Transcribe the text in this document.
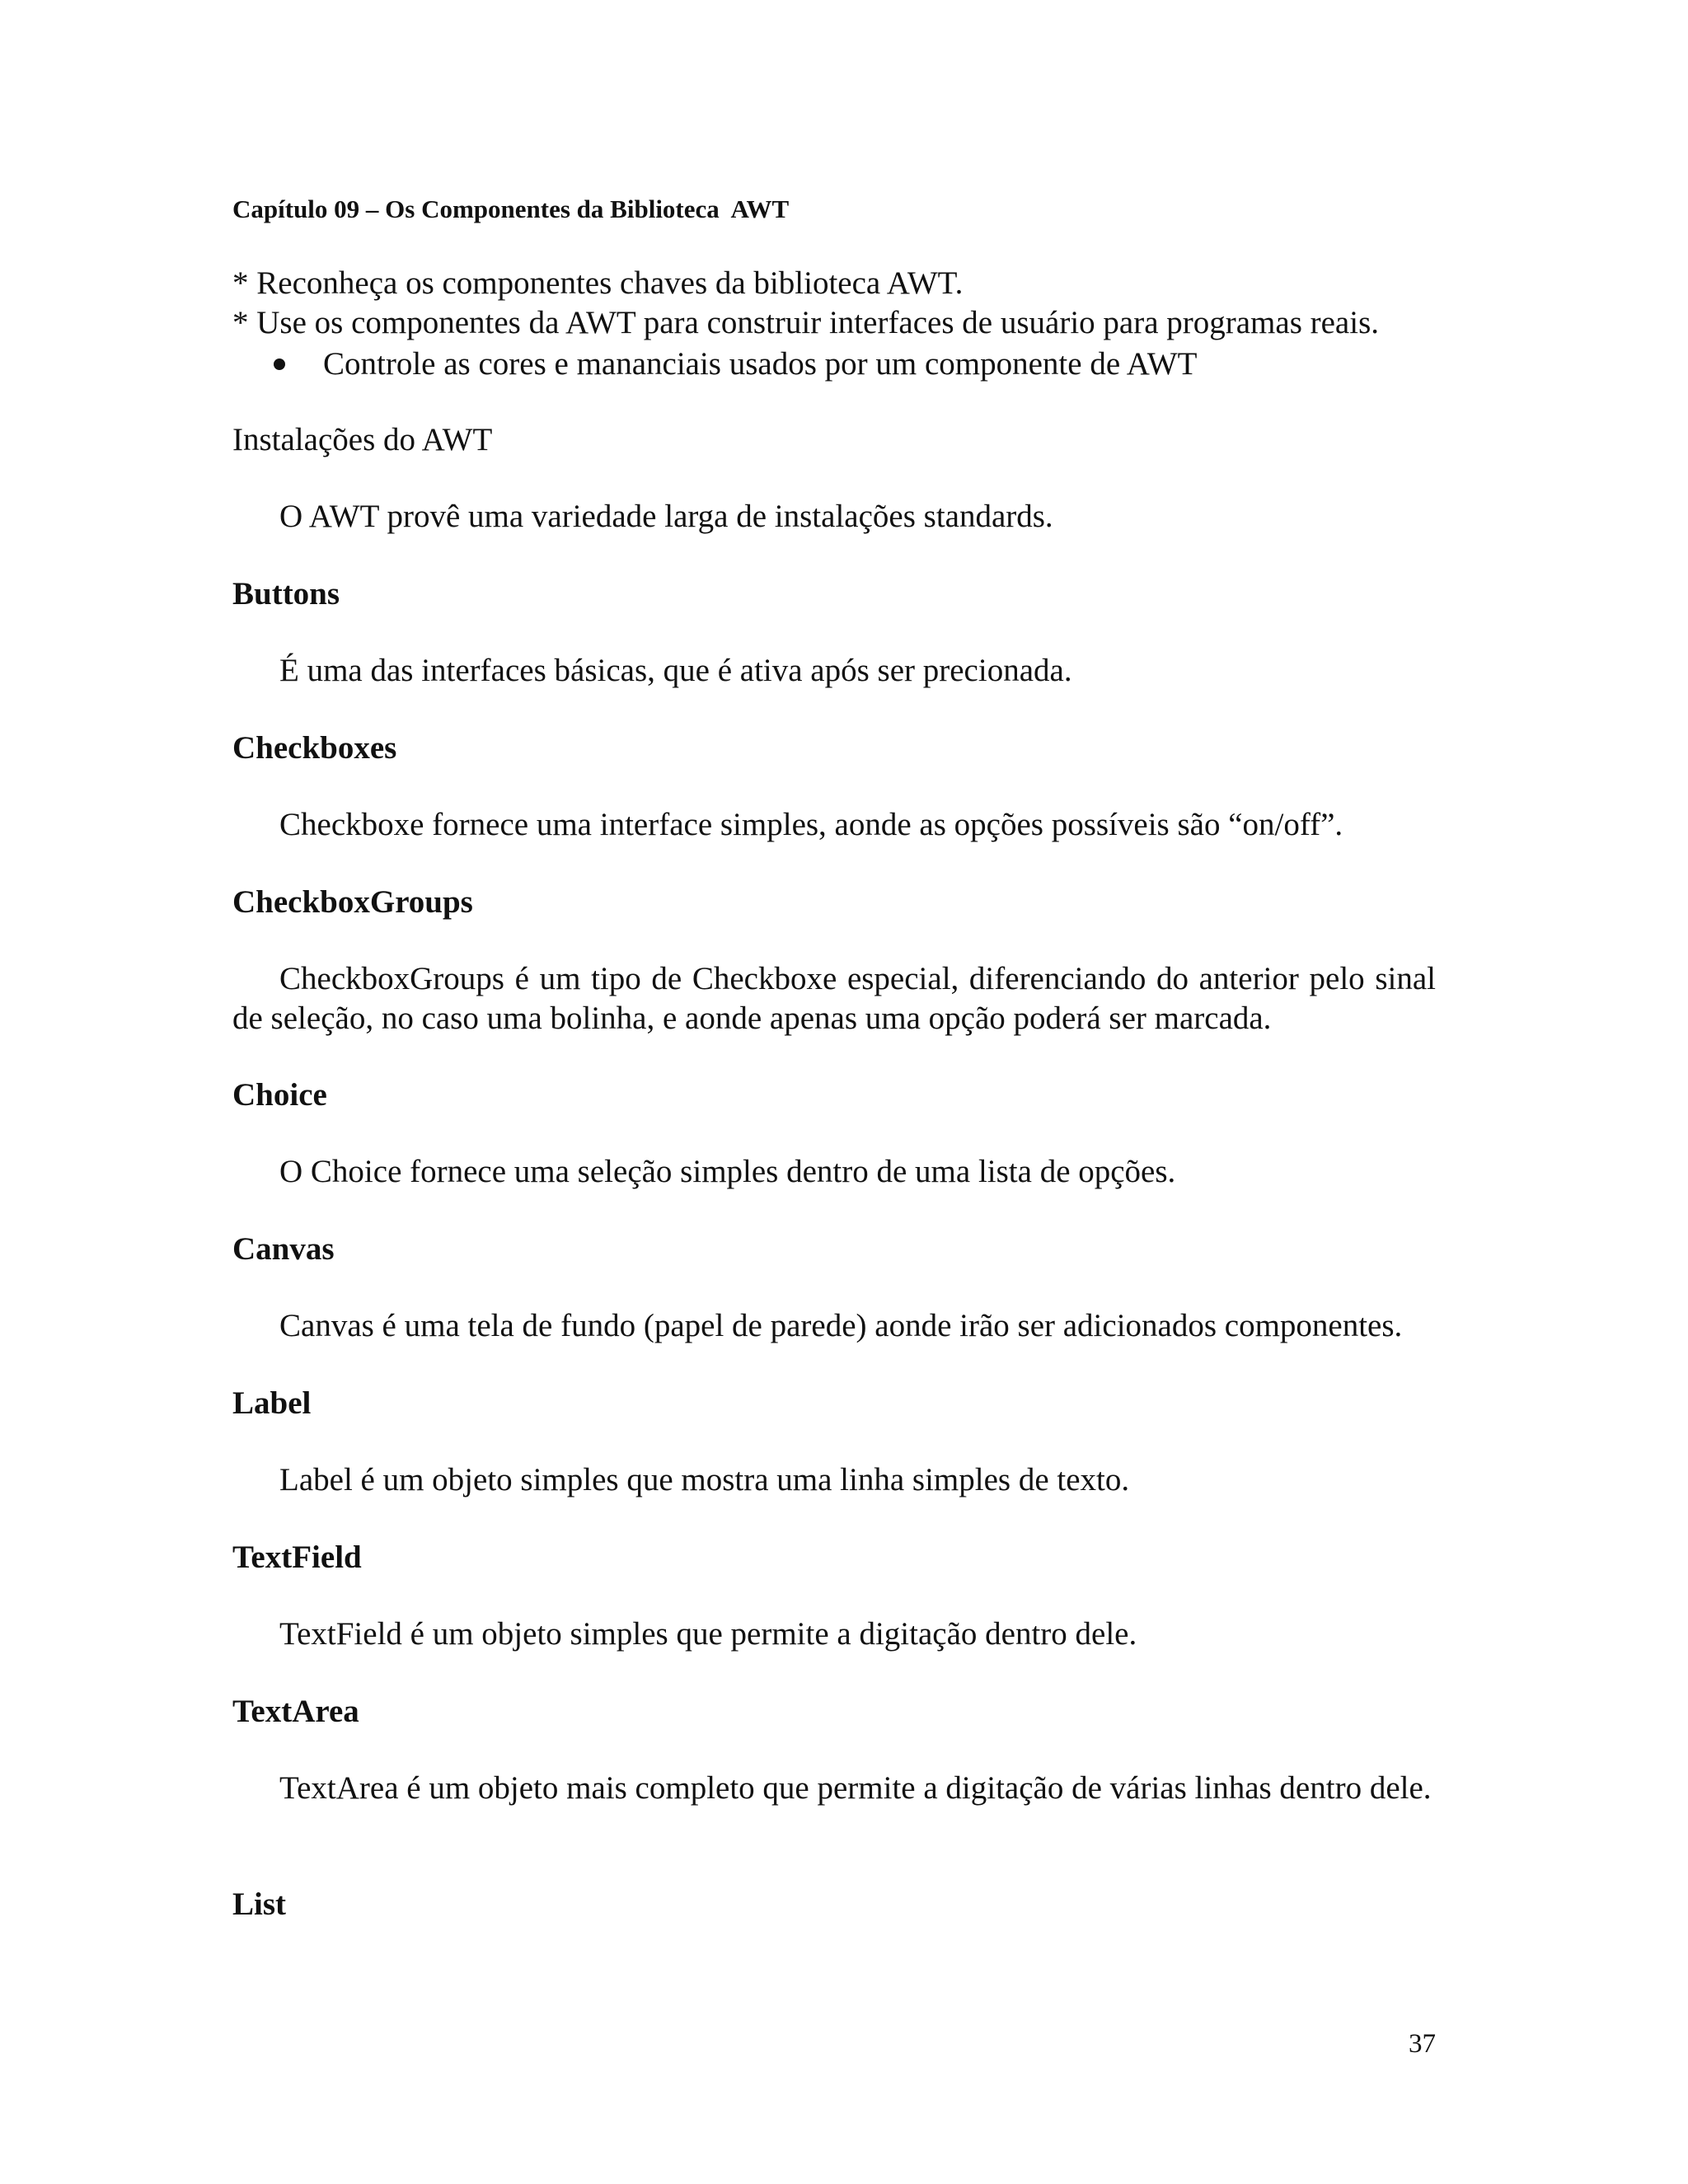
Capítulo 09 – Os Componentes da Biblioteca  AWT
* Reconheça os componentes chaves da biblioteca AWT.
* Use os componentes da AWT para construir interfaces de usuário para programas reais.
Controle as cores e mananciais usados por um componente de AWT
Instalações do AWT

O AWT provê uma variedade larga de instalações standards.

Buttons

É uma das interfaces básicas, que é ativa após ser precionada.

Checkboxes

Checkboxe fornece uma interface simples, aonde as opções possíveis são “on/off”.

CheckboxGroups

CheckboxGroups é um tipo de Checkboxe especial, diferenciando do anterior pelo sinal de seleção, no caso uma bolinha, e aonde apenas uma opção poderá ser marcada.

Choice

O Choice fornece uma seleção simples dentro de uma lista de opções.

Canvas

Canvas é uma tela de fundo (papel de parede) aonde irão ser adicionados componentes.

Label

Label é um objeto simples que mostra uma linha simples de texto.

TextField

TextField é um objeto simples que permite a digitação dentro dele.

TextArea

TextArea é um objeto mais completo que permite a digitação de várias linhas dentro dele.

List
37
